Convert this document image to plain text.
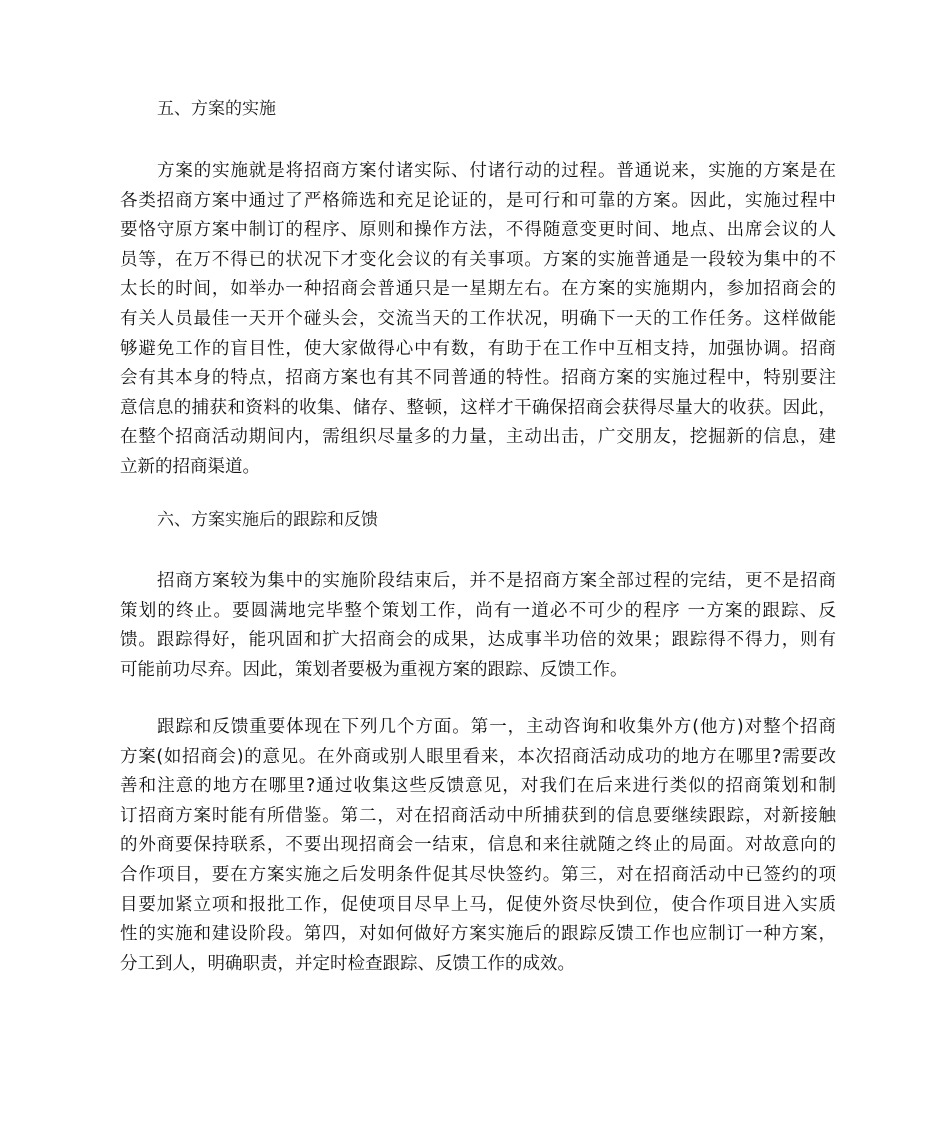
五、方案的实施
方案的实施就是将招商方案付诸实际、付诸行动的过程。普通说来，实施的方案是在
各类招商方案中通过了严格筛选和充足论证的，是可行和可靠的方案。因此，实施过程中
要恪守原方案中制订的程序、原则和操作方法，不得随意变更时间、地点、出席会议的人
员等，在万不得已的状况下才变化会议的有关事项。方案的实施普通是一段较为集中的不
太长的时间，如举办一种招商会普通只是一星期左右。在方案的实施期内，参加招商会的
有关人员最佳一天开个碰头会，交流当天的工作状况，明确下一天的工作任务。这样做能
够避免工作的盲目性，使大家做得心中有数，有助于在工作中互相支持，加强协调。招商
会有其本身的特点，招商方案也有其不同普通的特性。招商方案的实施过程中，特别要注
意信息的捕获和资料的收集、储存、整顿，这样才干确保招商会获得尽量大的收获。因此，
在整个招商活动期间内，需组织尽量多的力量，主动出击，广交朋友，挖掘新的信息，建
立新的招商渠道。
六、方案实施后的跟踪和反馈
招商方案较为集中的实施阶段结束后，并不是招商方案全部过程的完结，更不是招商
策划的终止。要圆满地完毕整个策划工作，尚有一道必不可少的程序 一方案的跟踪、反
馈。跟踪得好，能巩固和扩大招商会的成果，达成事半功倍的效果；跟踪得不得力，则有
可能前功尽弃。因此，策划者要极为重视方案的跟踪、反馈工作。
跟踪和反馈重要体现在下列几个方面。第一，主动咨询和收集外方(他方)对整个招商
方案(如招商会)的意见。在外商或别人眼里看来，本次招商活动成功的地方在哪里?需要改
善和注意的地方在哪里?通过收集这些反馈意见，对我们在后来进行类似的招商策划和制
订招商方案时能有所借鉴。第二，对在招商活动中所捕获到的信息要继续跟踪，对新接触
的外商要保持联系，不要出现招商会一结束，信息和来往就随之终止的局面。对故意向的
合作项目，要在方案实施之后发明条件促其尽快签约。第三，对在招商活动中已签约的项
目要加紧立项和报批工作，促使项目尽早上马，促使外资尽快到位，使合作项目进入实质
性的实施和建设阶段。第四，对如何做好方案实施后的跟踪反馈工作也应制订一种方案，
分工到人，明确职责，并定时检查跟踪、反馈工作的成效。
